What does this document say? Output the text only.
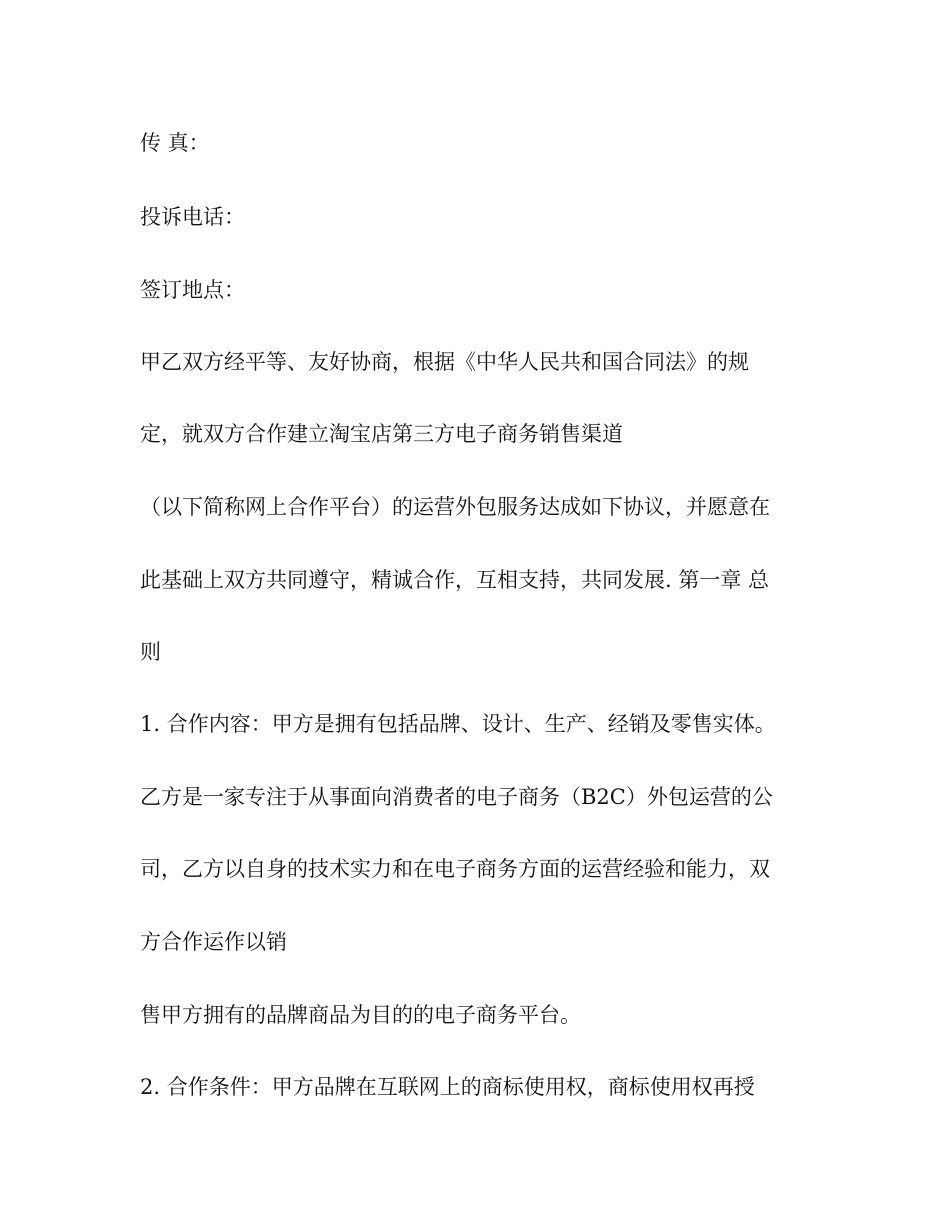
传 真：
投诉电话：
签订地点：
甲乙双方经平等、友好协商，根据《中华人民共和国合同法》的规
定，就双方合作建立淘宝店第三方电子商务销售渠道
（以下简称网上合作平台）的运营外包服务达成如下协议，并愿意在
此基础上双方共同遵守，精诚合作，互相支持，共同发展. 第一章 总
则
1. 合作内容：甲方是拥有包括品牌、设计、生产、经销及零售实体。
乙方是一家专注于从事面向消费者的电子商务（B2C）外包运营的公
司，乙方以自身的技术实力和在电子商务方面的运营经验和能力，双
方合作运作以销
售甲方拥有的品牌商品为目的的电子商务平台。
2. 合作条件：甲方品牌在互联网上的商标使用权，商标使用权再授
